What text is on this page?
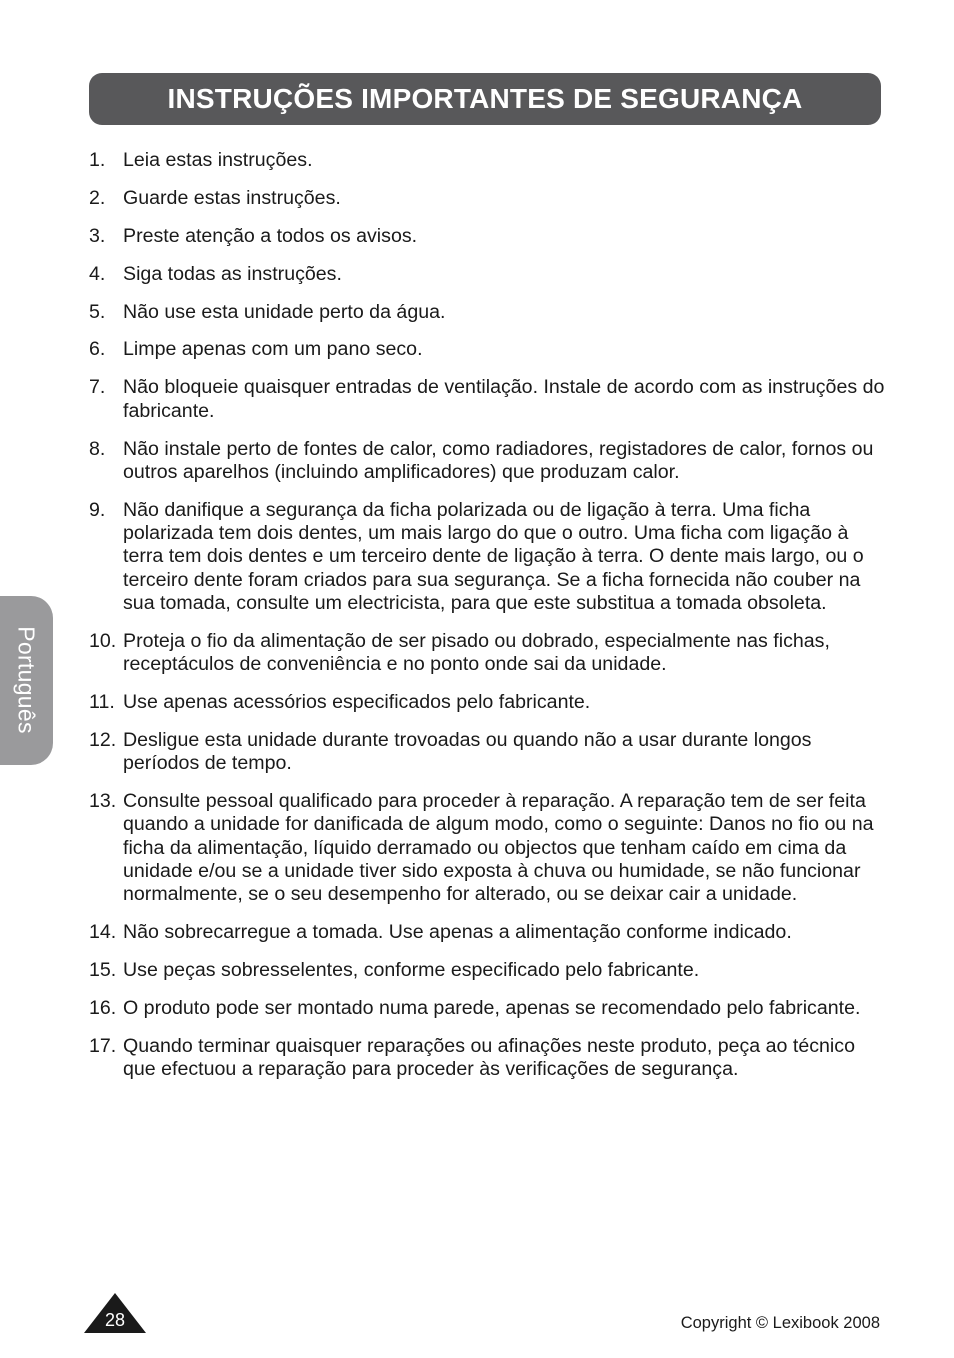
INSTRUÇÕES IMPORTANTES DE SEGURANÇA
Português
1. Leia estas instruções.
2. Guarde estas instruções.
3. Preste atenção a todos os avisos.
4. Siga todas as instruções.
5. Não use esta unidade perto da água.
6. Limpe apenas com um pano seco.
7. Não bloqueie quaisquer entradas de ventilação. Instale de acordo com as instruções do fabricante.
8. Não instale perto de fontes de calor, como radiadores, registadores de calor, fornos ou outros aparelhos (incluindo amplificadores) que produzam calor.
9. Não danifique a segurança da ficha polarizada ou de ligação à terra. Uma ficha polarizada tem dois dentes, um mais largo do que o outro. Uma ficha com ligação à terra tem dois dentes e um terceiro dente de ligação à terra. O dente mais largo, ou o terceiro dente foram criados para sua segurança. Se a ficha fornecida não couber na sua tomada, consulte um electricista, para que este substitua a tomada obsoleta.
10. Proteja o fio da alimentação de ser pisado ou dobrado, especialmente nas fichas, receptáculos de conveniência e no ponto onde sai da unidade.
11. Use apenas acessórios especificados pelo fabricante.
12. Desligue esta unidade durante trovoadas ou quando não a usar durante longos períodos de tempo.
13. Consulte pessoal qualificado para proceder à reparação. A reparação tem de ser feita quando a unidade for danificada de algum modo, como o seguinte: Danos no fio ou na ficha da alimentação, líquido derramado ou objectos que tenham caído em cima da unidade e/ou se a unidade tiver sido exposta à chuva ou humidade, se não funcionar normalmente, se o seu desempenho for alterado, ou se deixar cair a unidade.
14. Não sobrecarregue a tomada. Use apenas a alimentação conforme indicado.
15. Use peças sobresselentes, conforme especificado pelo fabricante.
16. O produto pode ser montado numa parede, apenas se recomendado pelo fabricante.
17. Quando terminar quaisquer reparações ou afinações neste produto, peça ao técnico que efectuou a reparação para proceder às verificações de segurança.
28	Copyright © Lexibook 2008
